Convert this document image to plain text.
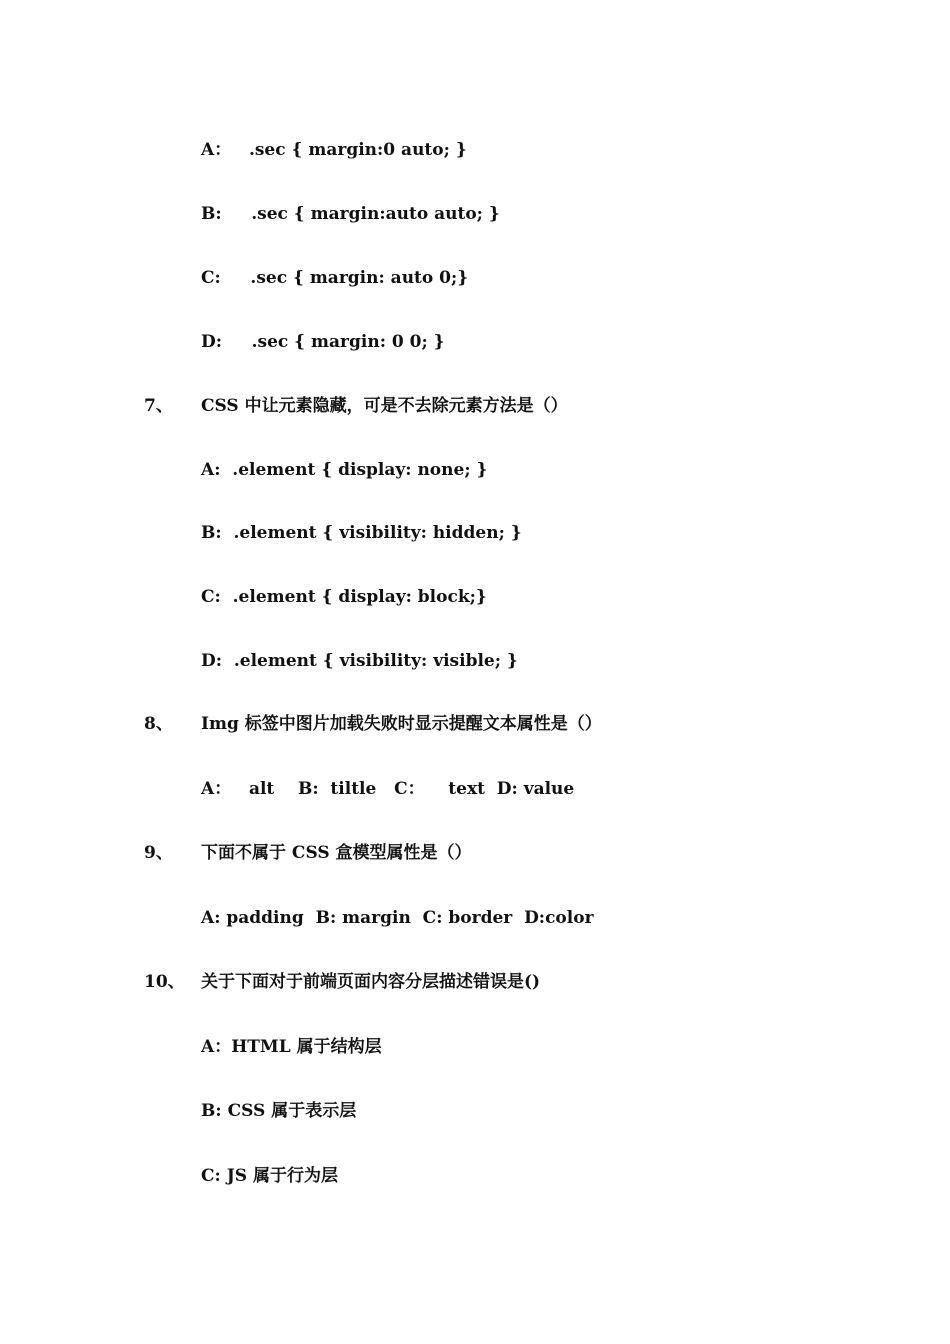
A：   .sec { margin:0 auto; }
B:     .sec { margin:auto auto; }
C:     .sec { margin: auto 0;}
D:     .sec { margin: 0 0; }
7、 CSS 中让元素隐藏，可是不去除元素方法是（）
A:  .element { display: none; }
B:  .element { visibility: hidden; }
C:  .element { display: block;}
D:  .element { visibility: visible; }
8、 Img 标签中图片加载失败时显示提醒文本属性是（）
A：   alt    B:  tiltle   C：    text  D: value
9、 下面不属于 CSS 盒模型属性是（）
A: padding  B: margin  C: border  D:color
10、 关于下面对于前端页面内容分层描述错误是()
A：HTML 属于结构层
B: CSS 属于表示层
C: JS 属于行为层
